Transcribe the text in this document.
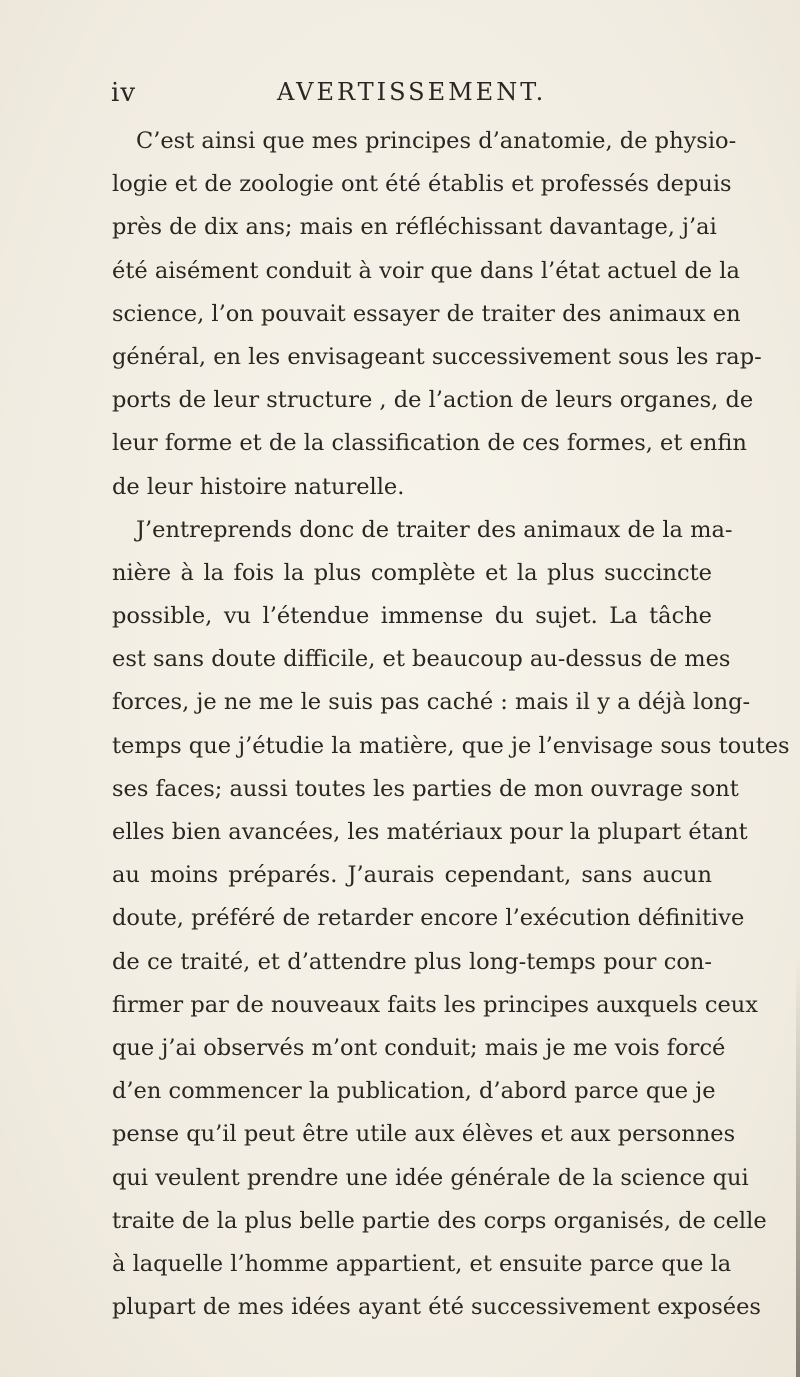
iv	AVERTISSEMENT.
C’est ainsi que mes principes d’anatomie, de physio-
logie et de zoologie ont été établis et professés depuis
près de dix ans; mais en réfléchissant davantage, j’ai
été aisément conduit à voir que dans l’état actuel de la
science, l’on pouvait essayer de traiter des animaux en
général, en les envisageant successivement sous les rap-
ports de leur structure , de l’action de leurs organes, de
leur forme et de la classification de ces formes, et enfin
de leur histoire naturelle.
J’entreprends donc de traiter des animaux de la ma-
nière à la fois la plus complète et la plus succincte
possible, vu l’étendue immense du sujet. La tâche
est sans doute difficile, et beaucoup au-dessus de mes
forces, je ne me le suis pas caché : mais il y a déjà long-
temps que j’étudie la matière, que je l’envisage sous toutes
ses faces; aussi toutes les parties de mon ouvrage sont
elles bien avancées, les matériaux pour la plupart étant
au moins préparés. J’aurais cependant, sans aucun
doute, préféré de retarder encore l’exécution définitive
de ce traité, et d’attendre plus long-temps pour con-
firmer par de nouveaux faits les principes auxquels ceux
que j’ai observés m’ont conduit; mais je me vois forcé
d’en commencer la publication, d’abord parce que je
pense qu’il peut être utile aux élèves et aux personnes
qui veulent prendre une idée générale de la science qui
traite de la plus belle partie des corps organisés, de celle
à laquelle l’homme appartient, et ensuite parce que la
plupart de mes idées ayant été successivement exposées
